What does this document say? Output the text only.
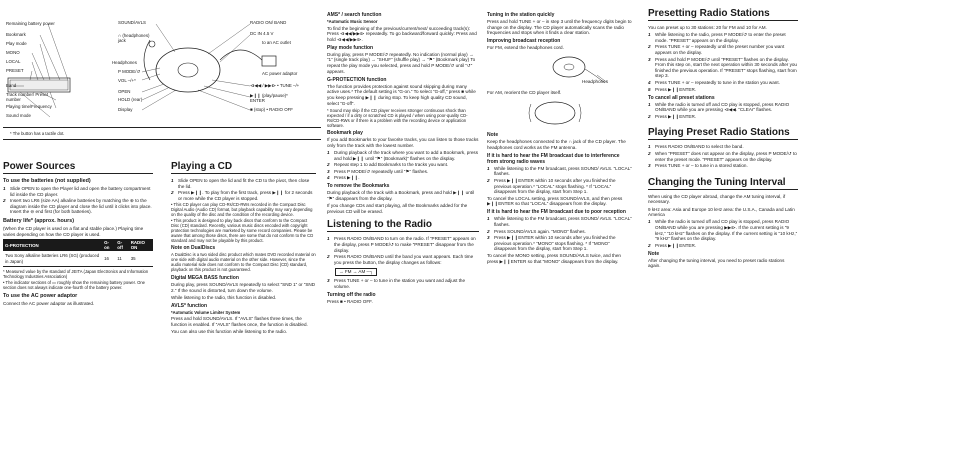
Remaining battery power
Bookmark
Play mode
MONO
LOCAL
PRESET
Band
Track number/ Preset number
Playing time/Frequency
Sound mode
SOUND/AVLS
∩ (headphones) jack
Headphones
P MODE/↺
VOL –/+*
OPEN
HOLD (rear)
Display
RADIO ON/ BAND
DC IN 4.5 V
to an AC outlet
AC power adaptor
⧏◀◀ / ▶▶⧐ • TUNE –/+
▶❙❙ (play/pause)* ENTER
■ (stop) • RADIO OFF
* The button has a tactile dot.
Power Sources
To use the batteries (not supplied)
1 Slide OPEN to open the Player lid and open the battery compartment lid inside the CD player.
2 Insert two LR6 (size AA) alkaline batteries by matching the ⊕ to the diagram inside the CD player and close the lid until it clicks into place. Insert the ⊖ end first (for both batteries).
Battery life* (approx. hours)

(When the CD player is used on a flat and stable place.) Playing time varies depending on how the CD player is used.

G-PROTECTION	G-on	G-off	RADIO ON
Two Sony alkaline batteries LR6 (SG) (produced in Japan)	16	11	35

* Measured value by the standard of JEITA (Japan Electronics and Information Technology Industries Association)

• The indicator sections of ▭ roughly show the remaining battery power. One section does not always indicate one-fourth of the battery power.

To use the AC power adaptor

Connect the AC power adaptor as illustrated.

Playing a CD
1 Slide OPEN to open the lid and fit the CD to the pivot, then close the lid.
2 Press ▶❙❙. To play from the first track, press ▶❙❙ for 2 seconds or more while the CD player is stopped.
• This CD player can play CD-Rs/CD-RWs recorded in the Compact Disc Digital Audio (Audio CD) format, but playback capability may vary depending on the quality of the disc and the condition of the recording device.
• This product is designed to play back discs that conform to the Compact Disc (CD) standard. Recently, various music discs encoded with copyright protection technologies are marketed by some record companies. Please be aware that among those discs, there are some that do not conform to the CD standard and may not be playable by this product.
Note on DualDiscs

A DualDisc is a two sided disc product which mates DVD recorded material on one side with digital audio material on the other side. However, since the audio material side does not conform to the Compact Disc (CD) standard, playback on this product is not guaranteed.

Digital MEGA BASS function

During play, press SOUND/AVLS repeatedly to select “SND 1” or “SND 2.” If the sound is distorted, turn down the volume.

While listening to the radio, this function is disabled.

AVLS* function

*Automatic Volume Limiter System

Press and hold SOUND/AVLS. If “AVLS” flashes three times, the function is enabled. If “AVLS” flashes once, the function is disabled.

You can also use this function while listening to the radio.

AMS* / search function

*Automatic Music Sensor

To find the beginning of the previous/current/next/ succeeding track(s): Press ⧏◀◀/▶▶⧐ repeatedly. To go backward/forward quickly: Press and hold ⧏◀◀/▶▶⧐.

Play mode function

During play, press P MODE/↺ repeatedly. No indication (normal play) → “1” (single track play) → “SHUF” (shuffle play) → “⚑” (Bookmark play) To repeat the play mode you selected, press and hold P MODE/↺ until “↺” appears.

G-PROTECTION function

The function provides protection against sound skipping during many active uses.* The default setting is “G-on.” To select “G-off,” press ■ while you keep pressing ▶❙❙ during stop. To keep high quality CD sound, select “G-off”.

* Sound may skip if the CD player receives stronger continuous shock than expected / if a dirty or scratched CD is played / when using poor-quality CD-Rs/CD-RWs or if there is a problem with the recording device or application software.

Bookmark play

If you add Bookmarks to your favorite tracks, you can listen to those tracks only from the track with the lowest number.

1 During playback of the track where you want to add a Bookmark, press and hold ▶❙❙ until “⚑” (Bookmark)” flashes on the display.
2 Repeat step 1 to add Bookmarks to the tracks you want.
3 Press P MODE/↺ repeatedly until “⚑” flashes.
4 Press ▶❙❙.
To remove the Bookmarks

During playback of the track with a Bookmark, press and hold ▶❙❙ until “⚑” disappears from the display.

If you change CDs and start playing, all the Bookmarks added for the previous CD will be erased.

Listening to the Radio
1 Press RADIO ON/BAND to turn on the radio. If “PRESET” appears on the display, press P MODE/↺ to make “PRESET” disappear from the display.
2 Press RADIO ON/BAND until the band you want appears. Each time you press the button, the display changes as follows:
→ FM → AM ─┐
3 Press TUNE + or – to tune in the station you want and adjust the volume.
Turning off the radio

Press ■ • RADIO OFF.

Tuning in the station quickly

Press and hold TUNE + or – in step 3 until the frequency digits begin to change on the display. The CD player automatically scans the radio frequencies and stops when it finds a clear station.

Improving broadcast reception

For FM, extend the headphones cord.

Headphones

For AM, reorient the CD player itself.

Note

Keep the headphones connected to the ∩ jack of the CD player. The headphones cord works as the FM antenna.

If it is hard to hear the FM broadcast due to interference from strong radio waves
1 While listening to the FM broadcast, press SOUND/ AVLS. “LOCAL” flashes.
2 Press ▶❙❙ENTER within 10 seconds after you finished the previous operation.* “LOCAL” stops flashing. * If “LOCAL” disappears from the display, start from Step 1.

To cancel the LOCAL setting, press SOUND/AVLS, and then press ▶❙❙ENTER so that “LOCAL” disappears from the display.

If it is hard to hear the FM broadcast due to poor reception
1 While listening to the FM broadcast, press SOUND/ AVLS. “LOCAL” flashes.
2 Press SOUND/AVLS again. “MONO” flashes.
3 Press ▶❙❙ENTER within 10 seconds after you finished the previous operation.* “MONO” stops flashing. * If “MONO” disappears from the display, start from Step 1.

To cancel the MONO setting, press SOUND/AVLS twice, and then press ▶❙❙ENTER so that “MONO” disappears from the display.

Presetting Radio Stations

You can preset up to 30 stations: 20 for FM and 10 for AM.

1 While listening to the radio, press P MODE/↺ to enter the preset mode. “PRESET” appears on the display.
2 Press TUNE + or – repeatedly until the preset number you want appears on the display.
3 Press and hold P MODE/↺ until “PRESET” flashes on the display. From this step on, start the next operation within 30 seconds after you finished the previous operation. If “PRESET” stops flashing, start from step 3.
4 Press TUNE + or – repeatedly to tune in the station you want.
5 Press ▶❙❙ENTER.
To cancel all preset stations
1 While the radio is turned off and CD play is stopped, press RADIO ON/BAND while you are pressing ⧏◀◀. “CLEAr” flashes.
2 Press ▶❙❙ENTER.
Playing Preset Radio Stations
1 Press RADIO ON/BAND to select the band.
2 When “PRESET” does not appear on the display, press P MODE/↺ to enter the preset mode. “PRESET” appears on the display.
3 Press TUNE + or – to tune in a stored station.
Changing the Tuning Interval

When using the CD player abroad, change the AM tuning interval, if necessary.

9 kHz area: Asia and Europe 10 kHz area: the U.S.A., Canada and Latin America

1 While the radio is turned off and CD play is stopped, press RADIO ON/BAND while you are pressing ▶▶⧐. If the current setting is “9 kHz,” “10 kHz” flashes on the display. If the current setting is “10 kHz,” “9 kHz” flashes on the display.
2 Press ▶❙❙ENTER.
Note

After changing the tuning interval, you need to preset radio stations again.
